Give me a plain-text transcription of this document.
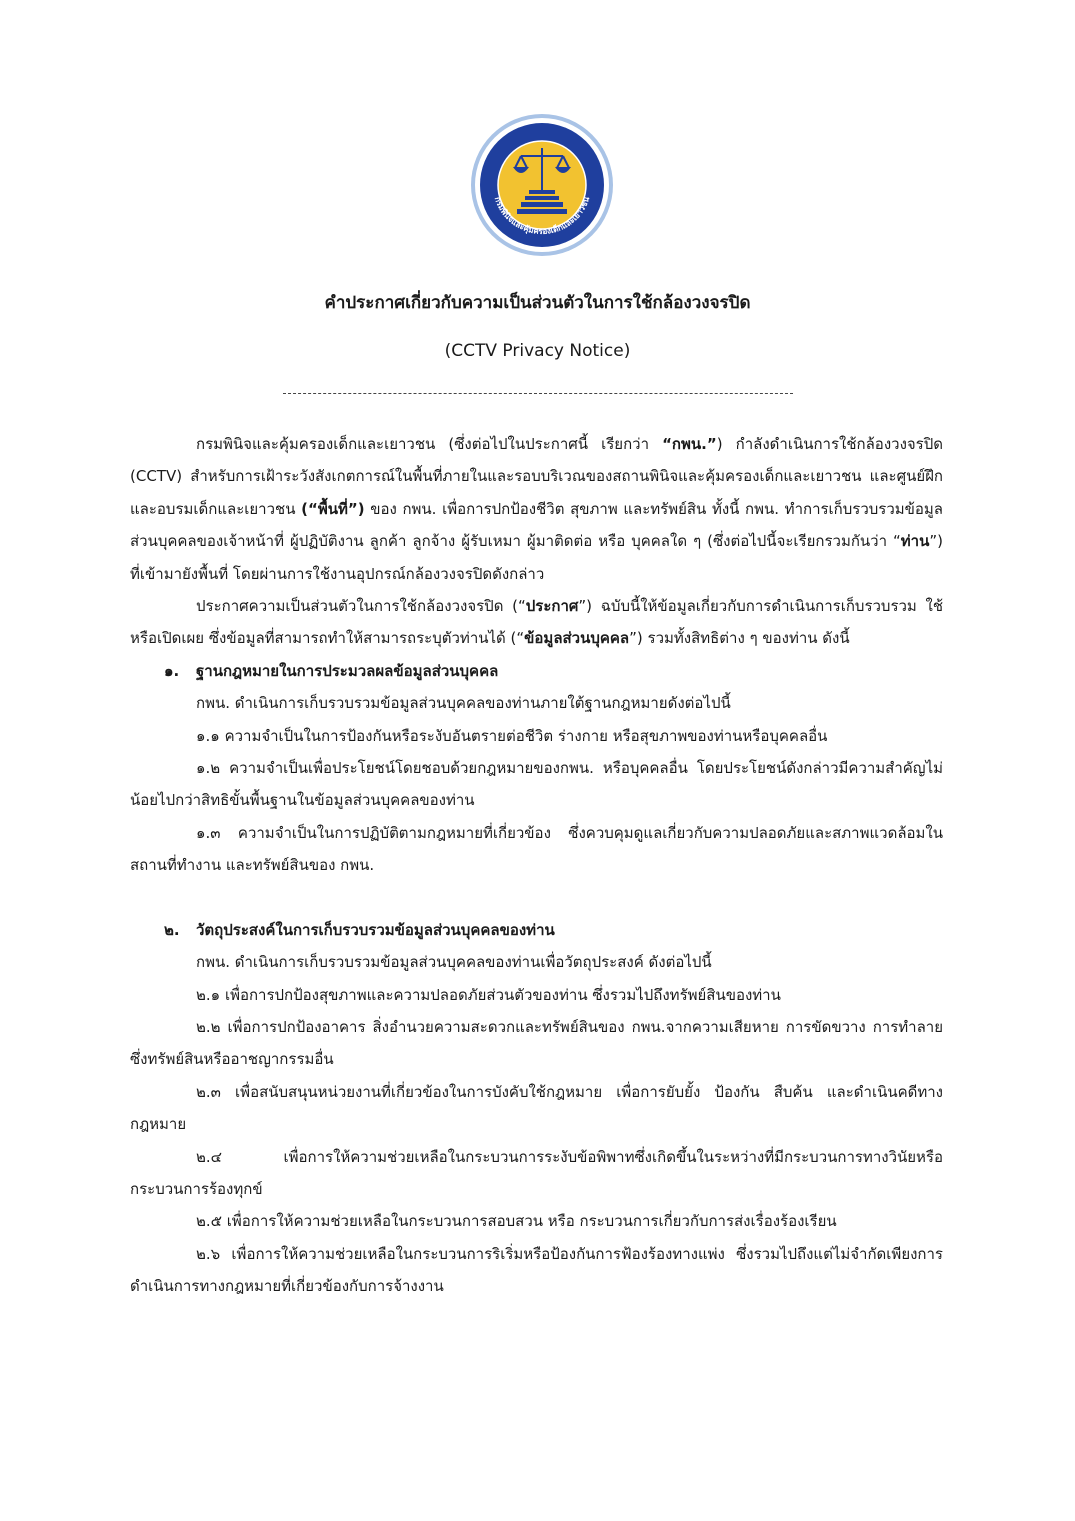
กรมพินิจและคุ้มครองเด็กและเยาวชน
คำประกาศเกี่ยวกับความเป็นส่วนตัวในการใช้กล้องวงจรปิด
(CCTV Privacy Notice)

กรมพินิจและคุ้มครองเด็กและเยาวชน (ซึ่งต่อไปในประกาศนี้ เรียกว่า “กพน.”) กำลังดำเนินการใช้กล้องวงจรปิด (CCTV) สำหรับการเฝ้าระวังสังเกตการณ์ในพื้นที่ภายในและรอบบริเวณของสถานพินิจและคุ้มครองเด็กและเยาวชน และศูนย์ฝึกและอบรมเด็กและเยาวชน (“พื้นที่”) ของ กพน. เพื่อการปกป้องชีวิต สุขภาพ และทรัพย์สิน ทั้งนี้ กพน. ทำการเก็บรวบรวมข้อมูลส่วนบุคคลของเจ้าหน้าที่ ผู้ปฏิบัติงาน ลูกค้า ลูกจ้าง ผู้รับเหมา ผู้มาติดต่อ หรือ บุคคลใด ๆ (ซึ่งต่อไปนี้จะเรียกรวมกันว่า “ท่าน”) ที่เข้ามายังพื้นที่ โดยผ่านการใช้งานอุปกรณ์กล้องวงจรปิดดังกล่าว

ประกาศความเป็นส่วนตัวในการใช้กล้องวงจรปิด (“ประกาศ”) ฉบับนี้ให้ข้อมูลเกี่ยวกับการดำเนินการเก็บรวบรวม ใช้หรือเปิดเผย ซึ่งข้อมูลที่สามารถทำให้สามารถระบุตัวท่านได้ (“ข้อมูลส่วนบุคคล”) รวมทั้งสิทธิต่าง ๆ ของท่าน ดังนี้

๑. ฐานกฎหมายในการประมวลผลข้อมูลส่วนบุคคล

กพน. ดำเนินการเก็บรวบรวมข้อมูลส่วนบุคคลของท่านภายใต้ฐานกฎหมายดังต่อไปนี้

๑.๑ ความจำเป็นในการป้องกันหรือระงับอันตรายต่อชีวิต ร่างกาย หรือสุขภาพของท่านหรือบุคคลอื่น

๑.๒ ความจำเป็นเพื่อประโยชน์โดยชอบด้วยกฎหมายของกพน. หรือบุคคลอื่น โดยประโยชน์ดังกล่าวมีความสำคัญไม่น้อยไปกว่าสิทธิขั้นพื้นฐานในข้อมูลส่วนบุคคลของท่าน

๑.๓ ความจำเป็นในการปฏิบัติตามกฎหมายที่เกี่ยวข้อง ซึ่งควบคุมดูแลเกี่ยวกับความปลอดภัยและสภาพแวดล้อมในสถานที่ทำงาน และทรัพย์สินของ กพน.

๒. วัตถุประสงค์ในการเก็บรวบรวมข้อมูลส่วนบุคคลของท่าน

กพน. ดำเนินการเก็บรวบรวมข้อมูลส่วนบุคคลของท่านเพื่อวัตถุประสงค์ ดังต่อไปนี้

๒.๑ เพื่อการปกป้องสุขภาพและความปลอดภัยส่วนตัวของท่าน ซึ่งรวมไปถึงทรัพย์สินของท่าน

๒.๒ เพื่อการปกป้องอาคาร สิ่งอำนวยความสะดวกและทรัพย์สินของ กพน.จากความเสียหาย การขัดขวาง การทำลายซึ่งทรัพย์สินหรืออาชญากรรมอื่น

๒.๓ เพื่อสนับสนุนหน่วยงานที่เกี่ยวข้องในการบังคับใช้กฎหมาย เพื่อการยับยั้ง ป้องกัน สืบค้น และดำเนินคดีทางกฎหมาย

๒.๔ เพื่อการให้ความช่วยเหลือในกระบวนการระงับข้อพิพาทซึ่งเกิดขึ้นในระหว่างที่มีกระบวนการทางวินัยหรือกระบวนการร้องทุกข์

๒.๕ เพื่อการให้ความช่วยเหลือในกระบวนการสอบสวน หรือ กระบวนการเกี่ยวกับการส่งเรื่องร้องเรียน

๒.๖ เพื่อการให้ความช่วยเหลือในกระบวนการริเริ่มหรือป้องกันการฟ้องร้องทางแพ่ง ซึ่งรวมไปถึงแต่ไม่จำกัดเพียงการดำเนินการทางกฎหมายที่เกี่ยวข้องกับการจ้างงาน
